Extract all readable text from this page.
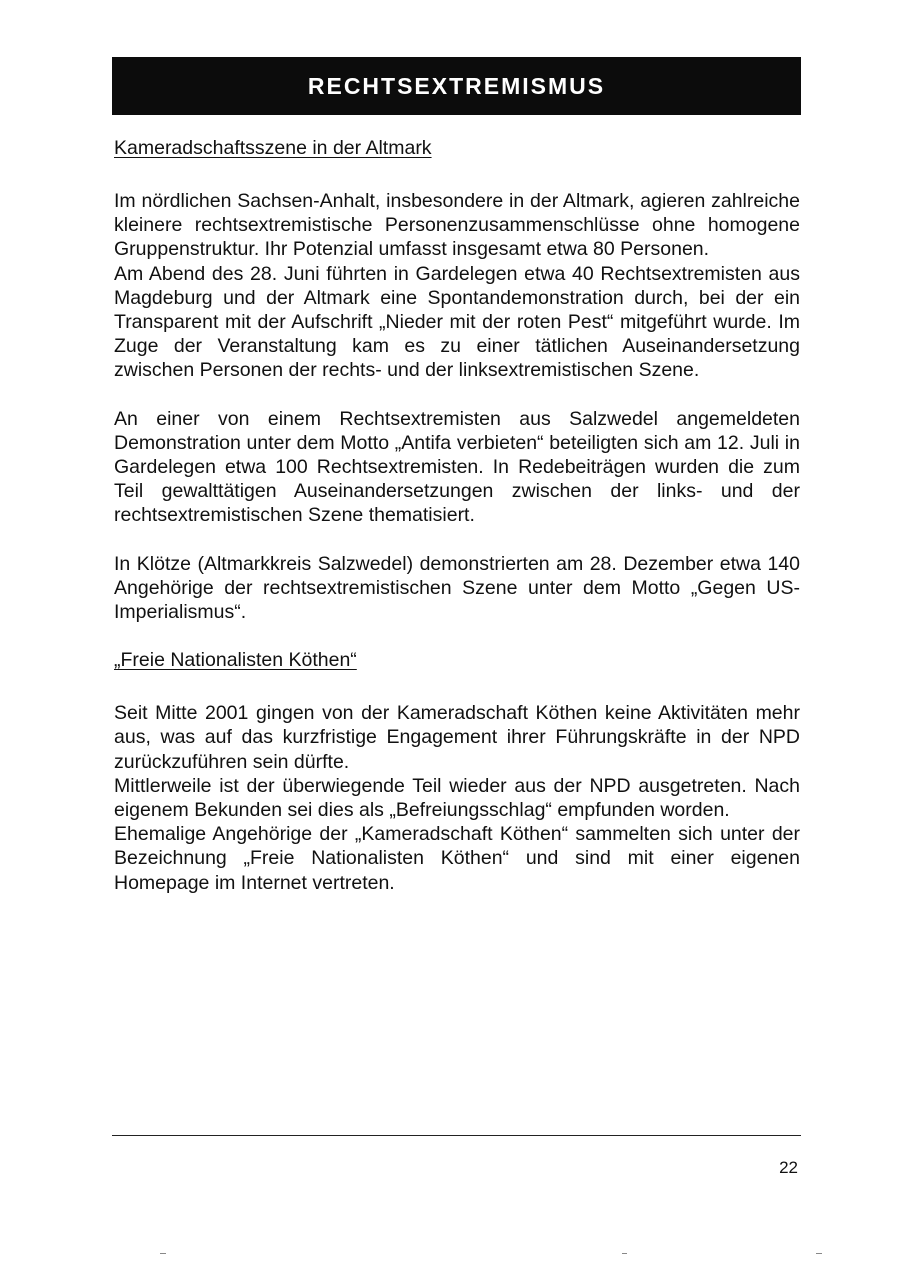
RECHTSEXTREMISMUS

Kameradschaftsszene in der Altmark

Im nördlichen Sachsen-Anhalt, insbesondere in der Altmark, agieren zahlreiche kleinere rechtsextremistische Personenzusammenschlüsse ohne homogene Gruppenstruktur. Ihr Potenzial umfasst insgesamt etwa 80 Personen.

Am Abend des 28. Juni führten in Gardelegen etwa 40 Rechtsextremisten aus Magdeburg und der Altmark eine Spontandemonstration durch, bei der ein Transparent mit der Aufschrift „Nieder mit der roten Pest“ mitgeführt wurde. Im Zuge der Veranstaltung kam es zu einer tätlichen Auseinandersetzung zwischen Personen der rechts- und der linksextremistischen Szene.

An einer von einem Rechtsextremisten aus Salzwedel angemeldeten Demonstration unter dem Motto „Antifa verbieten“ beteiligten sich am 12. Juli in Gardelegen etwa 100 Rechtsextremisten. In Redebeiträgen wurden die zum Teil gewalttätigen Auseinandersetzungen zwischen der links- und der rechtsextremistischen Szene thematisiert.

In Klötze (Altmarkkreis Salzwedel) demonstrierten am 28. Dezember etwa 140 Angehörige der rechtsextremistischen Szene unter dem Motto „Gegen US-Imperialismus“.

„Freie Nationalisten Köthen“

Seit Mitte 2001 gingen von der Kameradschaft Köthen keine Aktivitäten mehr aus, was auf das kurzfristige Engagement ihrer Führungskräfte in der NPD zurückzuführen sein dürfte.

Mittlerweile ist der überwiegende Teil wieder aus der NPD ausgetreten. Nach eigenem Bekunden sei dies als „Befreiungsschlag“ empfunden worden.

Ehemalige Angehörige der „Kameradschaft Köthen“ sammelten sich unter der Bezeichnung „Freie Nationalisten Köthen“ und sind mit einer eigenen Homepage im Internet vertreten.

22
